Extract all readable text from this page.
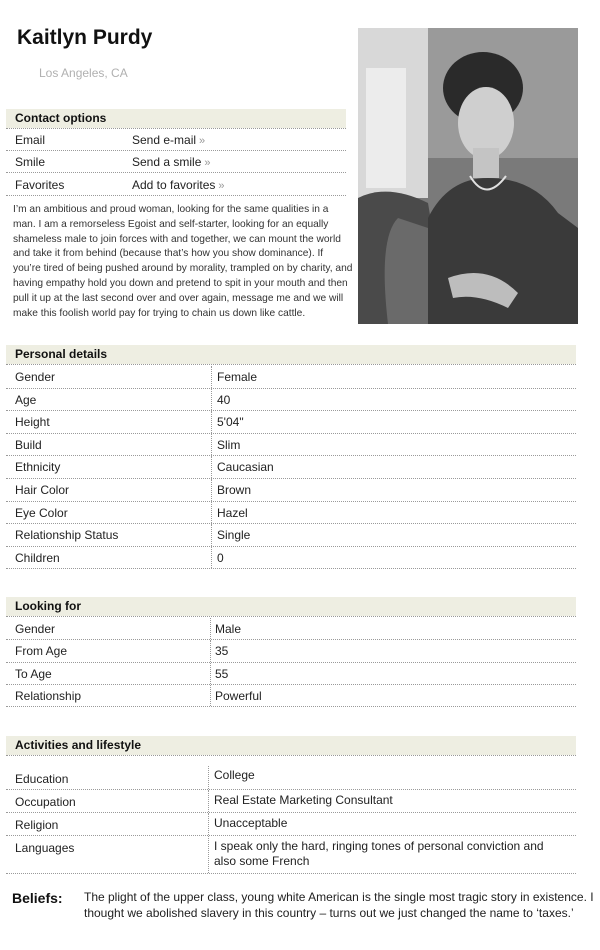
Kaitlyn Purdy
Los Angeles, CA
Contact options
Email	Send e-mail »
Smile	Send a smile »
Favorites	Add to favorites »
I’m an ambitious and proud woman, looking for the same qualities in a man. I am a remorseless Egoist and self-starter, looking for an equally shameless male to join forces with and together, we can mount the world and take it from behind (because that’s how you show dominance). If you’re tired of being pushed around by morality, trampled on by charity, and having empathy hold you down and pretend to spit in your mouth and then pull it up at the last second over and over again, message me and we will make this foolish world pay for trying to chain us down like cattle.
Personal details
Gender	Female
Age	40
Height	5'04"
Build	Slim
Ethnicity	Caucasian
Hair Color	Brown
Eye Color	Hazel
Relationship Status	Single
Children	0
Looking for
Gender	Male
From Age	35
To Age	55
Relationship	Powerful
Activities and lifestyle
Education	College
Occupation	Real Estate Marketing Consultant
Religion	Unacceptable
Languages	I speak only the hard, ringing tones of personal conviction and also some French
Beliefs: The plight of the upper class, young white American is the single most tragic story in existence. I thought we abolished slavery in this country – turns out we just changed the name to ‘taxes.’
